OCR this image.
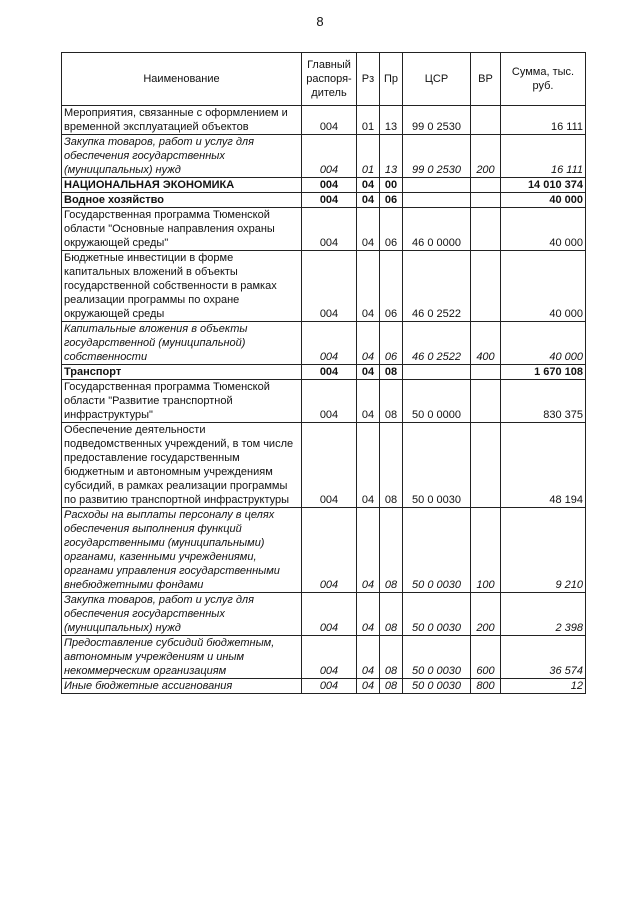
8
Наименование	Главный распоря-дитель	Рз	Пр	ЦСР	ВР	Сумма, тыс. руб.
Мероприятия, связанные с оформлением и временной эксплуатацией объектов	004	01	13	99 0 2530		16 111
Закупка товаров, работ и услуг для обеспечения государственных (муниципальных) нужд	004	01	13	99 0 2530	200	16 111
НАЦИОНАЛЬНАЯ ЭКОНОМИКА	004	04	00			14 010 374
Водное хозяйство	004	04	06			40 000
Государственная программа Тюменской области "Основные направления охраны окружающей среды"	004	04	06	46 0 0000		40 000
Бюджетные инвестиции в форме капитальных вложений в объекты государственной собственности в рамках реализации программы по охране окружающей среды	004	04	06	46 0 2522		40 000
Капитальные вложения в объекты государственной (муниципальной) собственности	004	04	06	46 0 2522	400	40 000
Транспорт	004	04	08			1 670 108
Государственная программа Тюменской области "Развитие транспортной инфраструктуры"	004	04	08	50 0 0000		830 375
Обеспечение деятельности подведомственных учреждений, в том числе предоставление государственным бюджетным и автономным учреждениям субсидий, в рамках реализации программы по развитию транспортной инфраструктуры	004	04	08	50 0 0030		48 194
Расходы на выплаты персоналу в целях обеспечения выполнения функций государственными (муниципальными) органами, казенными учреждениями, органами управления государственными внебюджетными фондами	004	04	08	50 0 0030	100	9 210
Закупка товаров, работ и услуг для обеспечения государственных (муниципальных) нужд	004	04	08	50 0 0030	200	2 398
Предоставление субсидий бюджетным, автономным учреждениям и иным некоммерческим организациям	004	04	08	50 0 0030	600	36 574
Иные бюджетные ассигнования	004	04	08	50 0 0030	800	12
